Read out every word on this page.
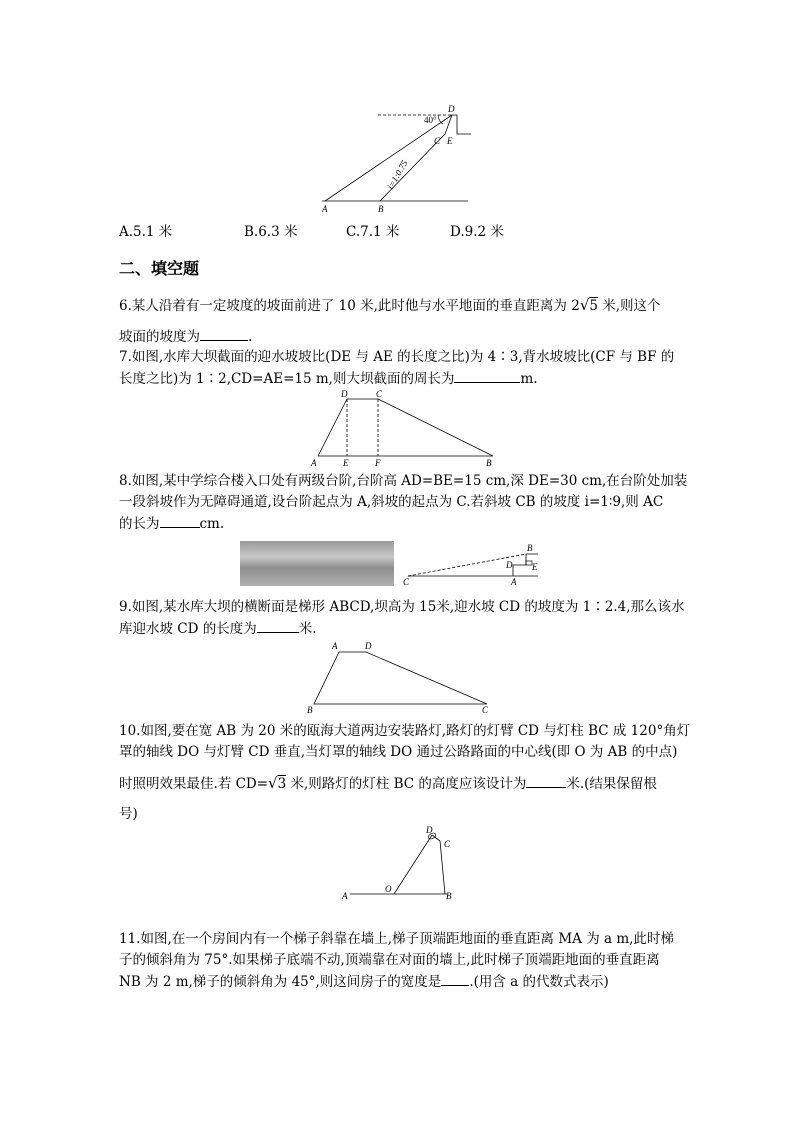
40°
i=1:0.75
D
C E
A	B
A.5.1 米	B.6.3 米	C.7.1 米	D.9.2 米
二、填空题
6.某人沿着有一定坡度的坡面前进了 10 米,此时他与水平地面的垂直距离为 2√5 米,则这个
坡面的坡度为	.
7.如图,水库大坝截面的迎水坡坡比(DE 与 AE 的长度之比)为 4∶3,背水坡坡比(CF 与 BF 的
长度之比)为 1∶2,CD=AE=15 m,则大坝截面的周长为	m.
D	C
A	E	F	B
8.如图,某中学综合楼入口处有两级台阶,台阶高 AD=BE=15 cm,深 DE=30 cm,在台阶处加装
一段斜坡作为无障碍通道,设台阶起点为 A,斜坡的起点为 C.若斜坡 CB 的坡度 i=1∶9,则 AC
的长为	cm.
B
D E
C	A
9.如图,某水库大坝的横断面是梯形 ABCD,坝高为 15米,迎水坡 CD 的坡度为 1∶2.4,那么该水
库迎水坡 CD 的长度为	米.
A	D
B	C
10.如图,要在宽 AB 为 20 米的瓯海大道两边安装路灯,路灯的灯臂 CD 与灯柱 BC 成 120°角灯
罩的轴线 DO 与灯臂 CD 垂直,当灯罩的轴线 DO 通过公路路面的中心线(即 O 为 AB 的中点)
时照明效果最佳.若 CD=√3 米,则路灯的灯柱 BC 的高度应该设计为	米.(结果保留根
号)
D
C
A
O
B
11.如图,在一个房间内有一个梯子斜靠在墙上,梯子顶端距地面的垂直距离 MA 为 a m,此时梯
子的倾斜角为 75°.如果梯子底端不动,顶端靠在对面的墙上,此时梯子顶端距地面的垂直距离
NB 为 2 m,梯子的倾斜角为 45°,则这间房子的宽度是 .(用含 a 的代数式表示)
